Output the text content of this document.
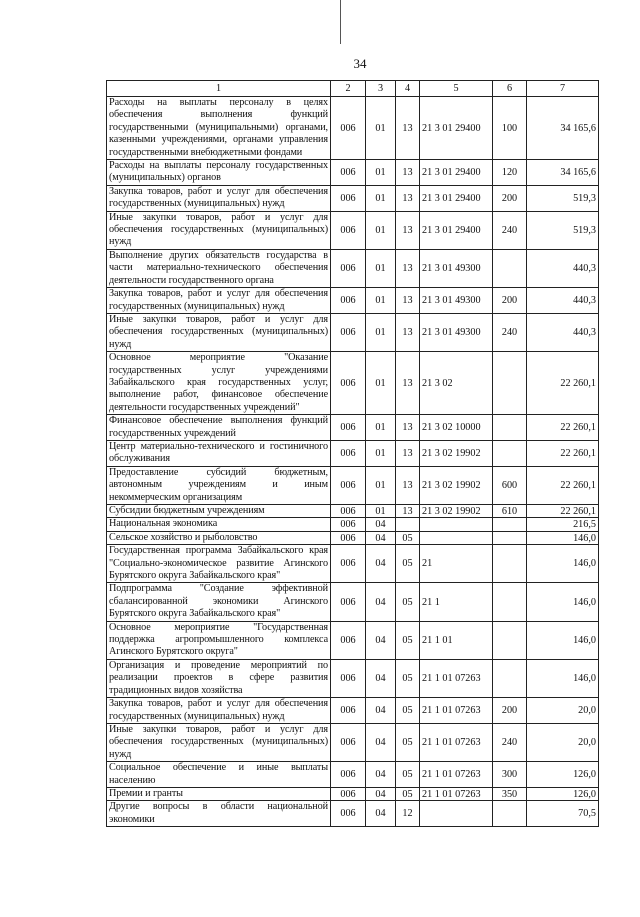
34
1	2	3	4	5	6	7
Расходы на выплаты персоналу в целях обеспечения выполнения функций государственными (муниципальными) органами, казенными учреждениями, органами управления государственными внебюджетными фондами	006	01	13	21 3 01 29400	100	34 165,6
Расходы на выплаты персоналу государственных (муниципальных) органов	006	01	13	21 3 01 29400	120	34 165,6
Закупка товаров, работ и услуг для обеспечения государственных (муниципальных) нужд	006	01	13	21 3 01 29400	200	519,3
Иные закупки товаров, работ и услуг для обеспечения государственных (муниципальных) нужд	006	01	13	21 3 01 29400	240	519,3
Выполнение других обязательств государства в части материально-технического обеспечения деятельности государственного органа	006	01	13	21 3 01 49300		440,3
Закупка товаров, работ и услуг для обеспечения государственных (муниципальных) нужд	006	01	13	21 3 01 49300	200	440,3
Иные закупки товаров, работ и услуг для обеспечения государственных (муниципальных) нужд	006	01	13	21 3 01 49300	240	440,3
Основное мероприятие "Оказание государственных услуг учреждениями Забайкальского края государственных услуг, выполнение работ, финансовое обеспечение деятельности государственных учреждений"	006	01	13	21 3 02		22 260,1
Финансовое обеспечение выполнения функций государственных учреждений	006	01	13	21 3 02 10000		22 260,1
Центр материально-технического и гостиничного обслуживания	006	01	13	21 3 02 19902		22 260,1
Предоставление субсидий бюджетным, автономным учреждениям и иным некоммерческим организациям	006	01	13	21 3 02 19902	600	22 260,1
Субсидии бюджетным учреждениям	006	01	13	21 3 02 19902	610	22 260,1
Национальная экономика	006	04				216,5
Сельское хозяйство и рыболовство	006	04	05			146,0
Государственная программа Забайкальского края "Социально-экономическое развитие Агинского Бурятского округа Забайкальского края"	006	04	05	21		146,0
Подпрограмма "Создание эффективной сбалансированной экономики Агинского Бурятского округа Забайкальского края"	006	04	05	21 1		146,0
Основное мероприятие "Государственная поддержка агропромышленного комплекса Агинского Бурятского округа"	006	04	05	21 1 01		146,0
Организация и проведение мероприятий по реализации проектов в сфере развития традиционных видов хозяйства	006	04	05	21 1 01 07263		146,0
Закупка товаров, работ и услуг для обеспечения государственных (муниципальных) нужд	006	04	05	21 1 01 07263	200	20,0
Иные закупки товаров, работ и услуг для обеспечения государственных (муниципальных) нужд	006	04	05	21 1 01 07263	240	20,0
Социальное обеспечение и иные выплаты населению	006	04	05	21 1 01 07263	300	126,0
Премии и гранты	006	04	05	21 1 01 07263	350	126,0
Другие вопросы в области национальной экономики	006	04	12			70,5
